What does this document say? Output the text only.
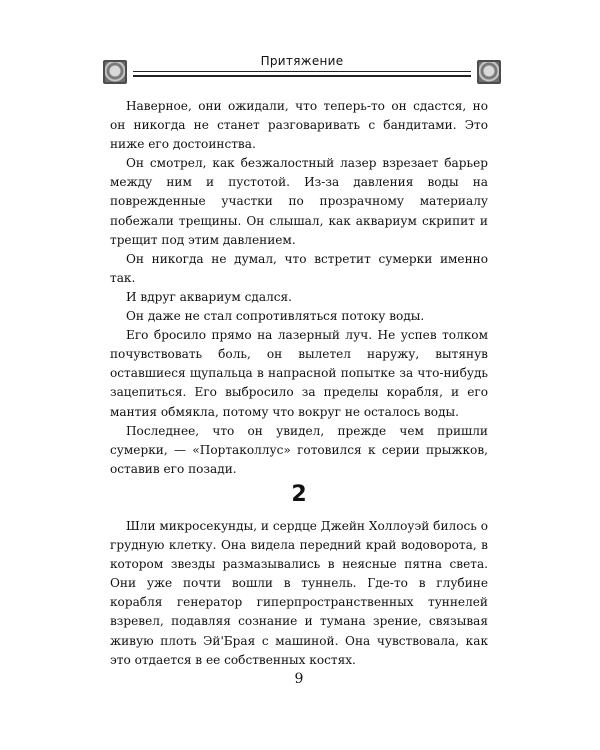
Притяжение

Наверное, они ожидали, что теперь-то он сдастся, но он никогда не станет разговаривать с бандитами. Это ниже его достоинства.

Он смотрел, как безжалостный лазер взрезает барьер между ним и пустотой. Из-за давления воды на поврежденные участки по прозрачному материалу побежали трещины. Он слышал, как аквариум скрипит и трещит под этим давлением.

Он никогда не думал, что встретит сумерки именно так.

И вдруг аквариум сдался.

Он даже не стал сопротивляться потоку воды.

Его бросило прямо на лазерный луч. Не успев толком почувствовать боль, он вылетел наружу, вытянув оставшиеся щупальца в напрасной попытке за что-нибудь зацепиться. Его выбросило за пределы корабля, и его мантия обмякла, потому что вокруг не осталось воды.

Последнее, что он увидел, прежде чем пришли сумерки, — «Портаколлус» готовился к серии прыжков, оставив его позади.

2

Шли микросекунды, и сердце Джейн Холлоуэй билось о грудную клетку. Она видела передний край водоворота, в котором звезды размазывались в неясные пятна света. Они уже почти вошли в туннель. Где-то в глубине корабля генератор гиперпространственных туннелей взревел, подавляя сознание и тумана зрение, связывая живую плоть Эй'Брая с машиной. Она чувствовала, как это отдается в ее собственных костях.

9
